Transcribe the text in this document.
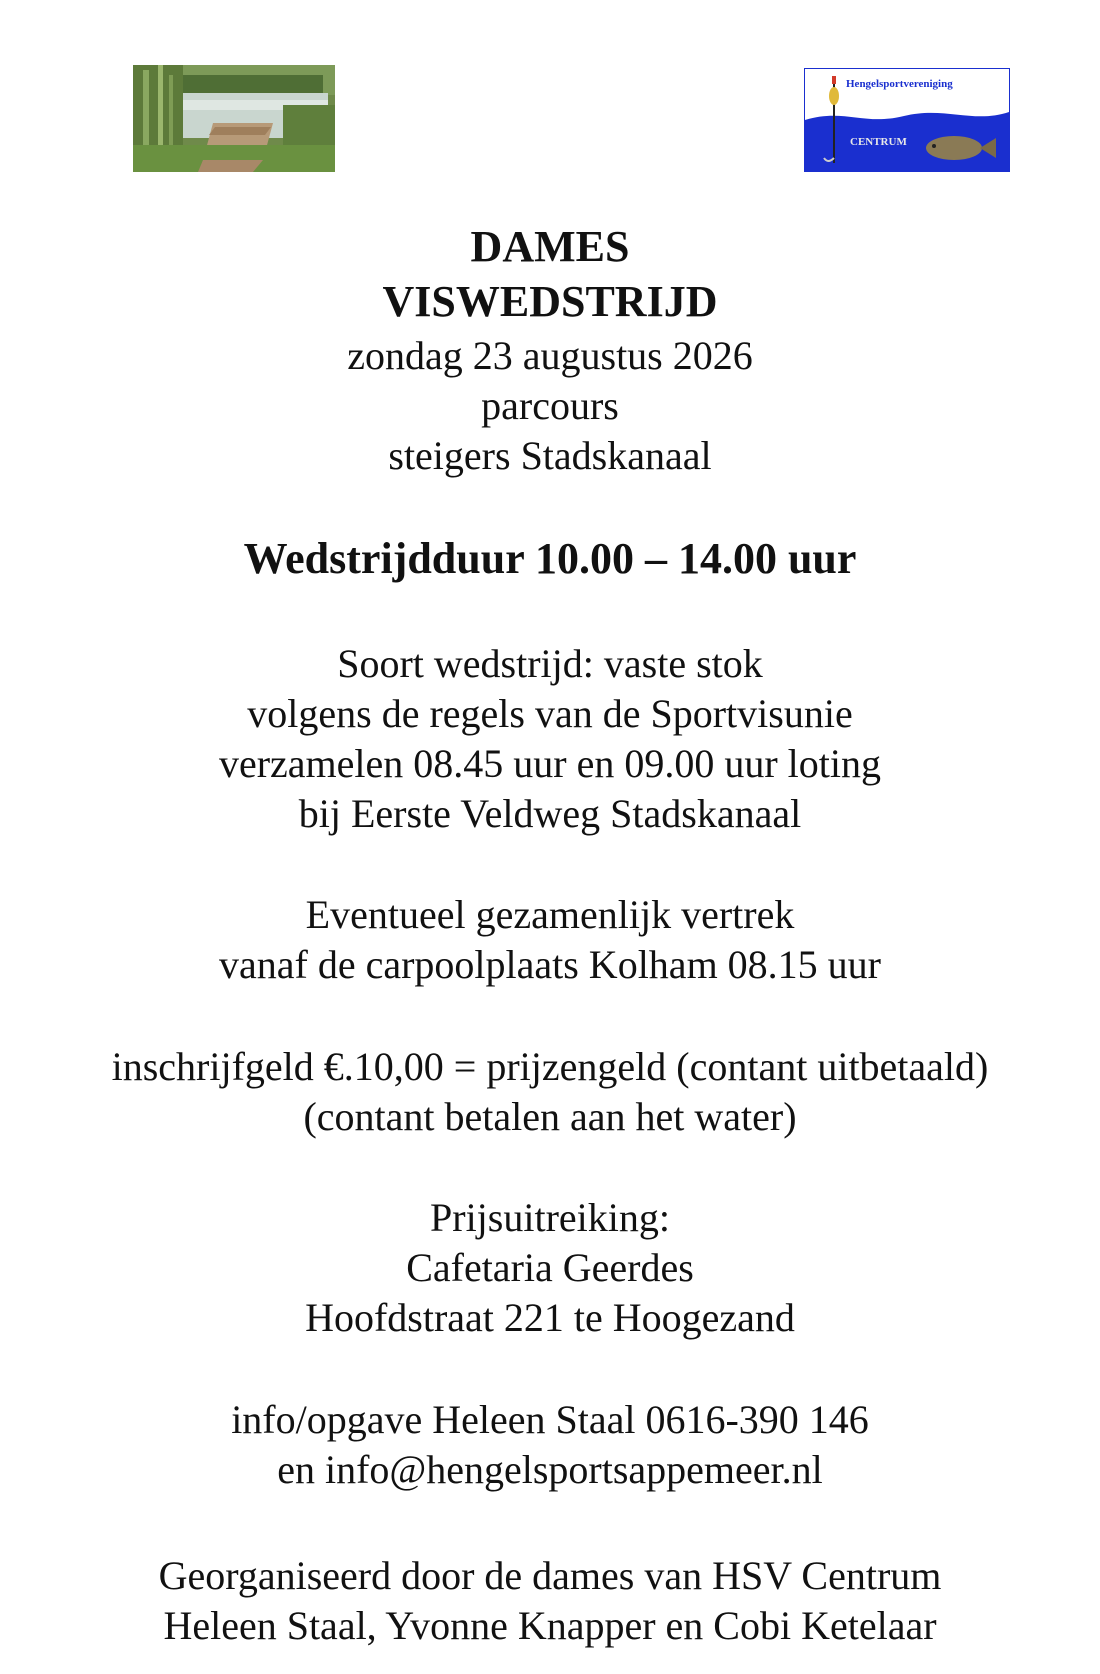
Hengelsportvereniging
CENTRUM
DAMES
VISWEDSTRIJD
zondag 23 augustus 2026
parcours
steigers Stadskanaal
Wedstrijdduur 10.00 – 14.00 uur
Soort wedstrijd: vaste stok
volgens de regels van de Sportvisunie
verzamelen 08.45 uur en 09.00 uur loting
bij Eerste Veldweg Stadskanaal
Eventueel gezamenlijk vertrek
vanaf de carpoolplaats Kolham 08.15 uur
inschrijfgeld €.10,00 = prijzengeld (contant uitbetaald)
(contant betalen aan het water)
Prijsuitreiking:
Cafetaria Geerdes
Hoofdstraat 221 te Hoogezand
info/opgave Heleen Staal 0616-390 146
en info@hengelsportsappemeer.nl
Georganiseerd door de dames van HSV Centrum
Heleen Staal, Yvonne Knapper en Cobi Ketelaar
